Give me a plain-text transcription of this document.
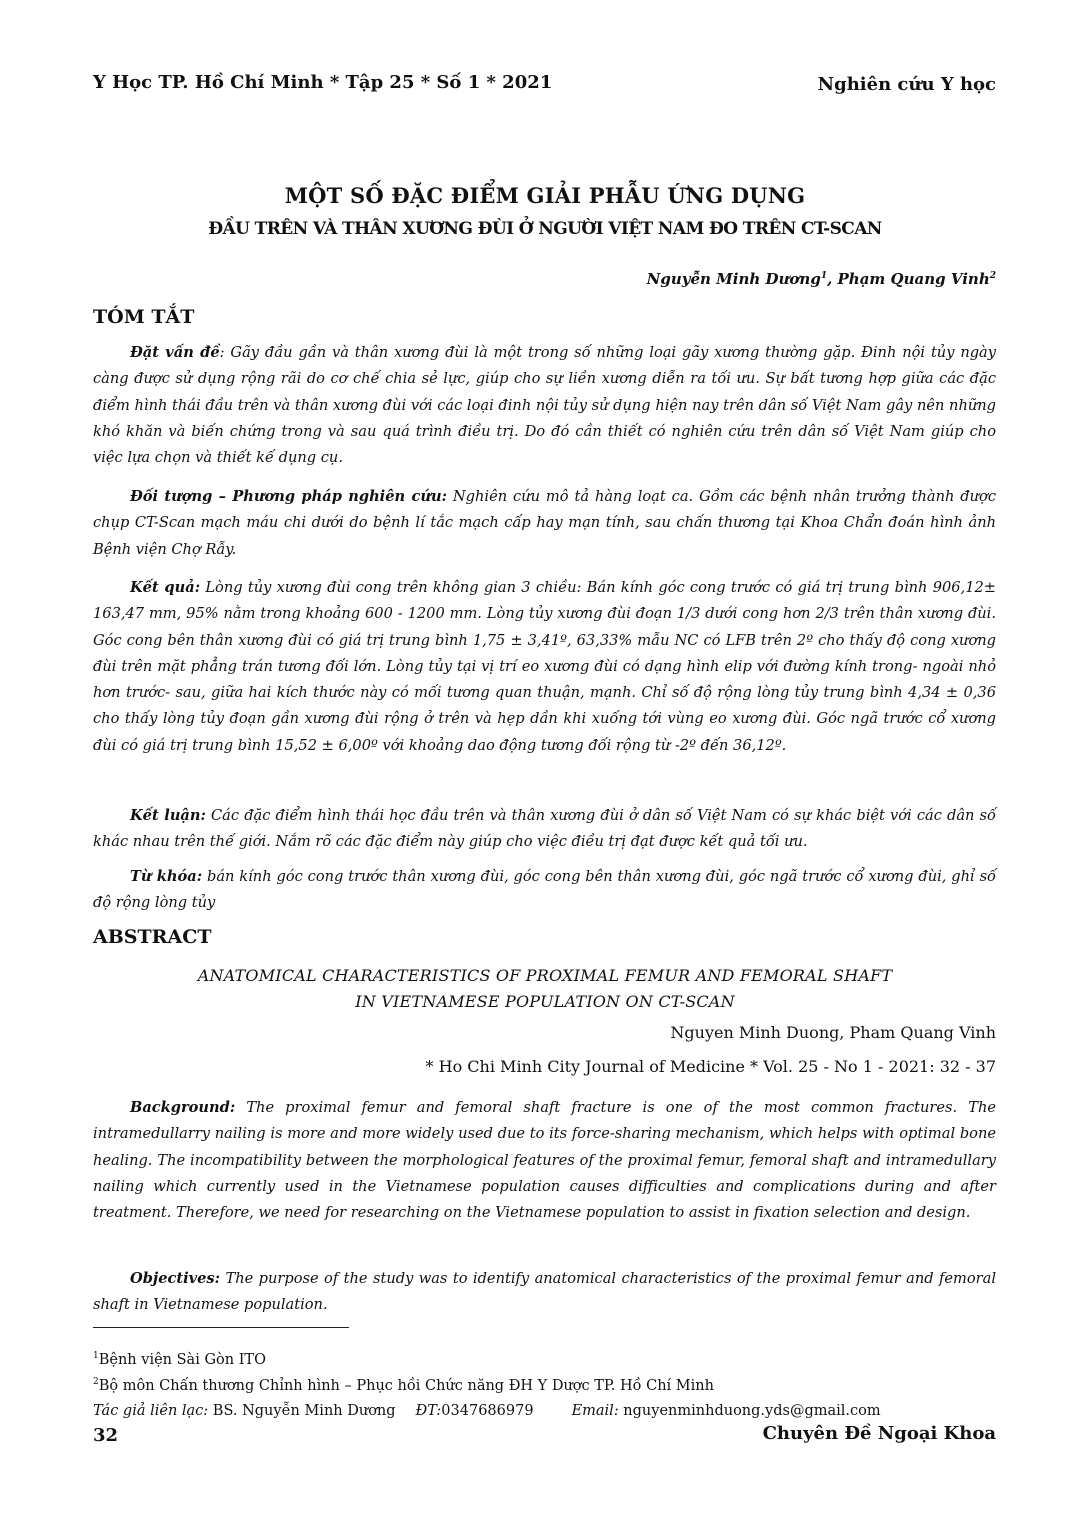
Y Học TP. Hồ Chí Minh * Tập 25 * Số 1 * 2021	Nghiên cứu Y học
MỘT SỐ ĐẶC ĐIỂM GIẢI PHẪU ỨNG DỤNG
ĐẦU TRÊN VÀ THÂN XƯƠNG ĐÙI Ở NGƯỜI VIỆT NAM ĐO TRÊN CT-SCAN
Nguyễn Minh Dương$^1$, Phạm Quang Vinh$^2$
TÓM TẮT
Đặt vấn đề: Gãy đầu gần và thân xương đùi là một trong số những loại gãy xương thường gặp. Đinh nội tủy ngày càng được sử dụng rộng rãi do cơ chế chia sẻ lực, giúp cho sự liền xương diễn ra tối ưu. Sự bất tương hợp giữa các đặc điểm hình thái đầu trên và thân xương đùi với các loại đinh nội tủy sử dụng hiện nay trên dân số Việt Nam gây nên những khó khăn và biến chứng trong và sau quá trình điều trị. Do đó cần thiết có nghiên cứu trên dân số Việt Nam giúp cho việc lựa chọn và thiết kế dụng cụ.
Đối tượng – Phương pháp nghiên cứu: Nghiên cứu mô tả hàng loạt ca. Gồm các bệnh nhân trưởng thành được chụp CT-Scan mạch máu chi dưới do bệnh lí tắc mạch cấp hay mạn tính, sau chấn thương tại Khoa Chẩn đoán hình ảnh Bệnh viện Chợ Rẫy.
Kết quả: Lòng tủy xương đùi cong trên không gian 3 chiều: Bán kính góc cong trước có giá trị trung bình 906,12± 163,47 mm, 95% nằm trong khoảng 600 - 1200 mm. Lòng tủy xương đùi đoạn 1/3 dưới cong hơn 2/3 trên thân xương đùi. Góc cong bên thân xương đùi có giá trị trung bình 1,75 ± 3,41º, 63,33% mẫu NC có LFB trên 2º cho thấy độ cong xương đùi trên mặt phẳng trán tương đối lớn. Lòng tủy tại vị trí eo xương đùi có dạng hình elip với đường kính trong- ngoài nhỏ hơn trước- sau, giữa hai kích thước này có mối tương quan thuận, mạnh. Chỉ số độ rộng lòng tủy trung bình 4,34 ± 0,36 cho thấy lòng tủy đoạn gần xương đùi rộng ở trên và hẹp dần khi xuống tới vùng eo xương đùi. Góc ngã trước cổ xương đùi có giá trị trung bình 15,52 ± 6,00º với khoảng dao động tương đối rộng từ -2º đến 36,12º.
Kết luận: Các đặc điểm hình thái học đầu trên và thân xương đùi ở dân số Việt Nam có sự khác biệt với các dân số khác nhau trên thế giới. Nắm rõ các đặc điểm này giúp cho việc điều trị đạt được kết quả tối ưu.
Từ khóa: bán kính góc cong trước thân xương đùi, góc cong bên thân xương đùi, góc ngã trước cổ xương đùi, ghỉ số độ rộng lòng tủy
ABSTRACT
ANATOMICAL CHARACTERISTICS OF PROXIMAL FEMUR AND FEMORAL SHAFT
IN VIETNAMESE POPULATION ON CT-SCAN
Nguyen Minh Duong, Pham Quang Vinh
* Ho Chi Minh City Journal of Medicine * Vol. 25 - No 1 - 2021: 32 - 37
Background: The proximal femur and femoral shaft fracture is one of the most common fractures. The intramedullarry nailing is more and more widely used due to its force-sharing mechanism, which helps with optimal bone healing. The incompatibility between the morphological features of the proximal femur, femoral shaft and intramedullary nailing which currently used in the Vietnamese population causes difficulties and complications during and after treatment. Therefore, we need for researching on the Vietnamese population to assist in fixation selection and design.
Objectives: The purpose of the study was to identify anatomical characteristics of the proximal femur and femoral shaft in Vietnamese population.
$^1$Bệnh viện Sài Gòn ITO
$^2$Bộ môn Chấn thương Chỉnh hình – Phục hồi Chức năng ĐH Y Dược TP. Hồ Chí Minh
Tác giả liên lạc: BS. Nguyễn Minh Dương ĐT:0347686979	Email: nguyenminhduong.yds@gmail.com
32	Chuyên Đề Ngoại Khoa
